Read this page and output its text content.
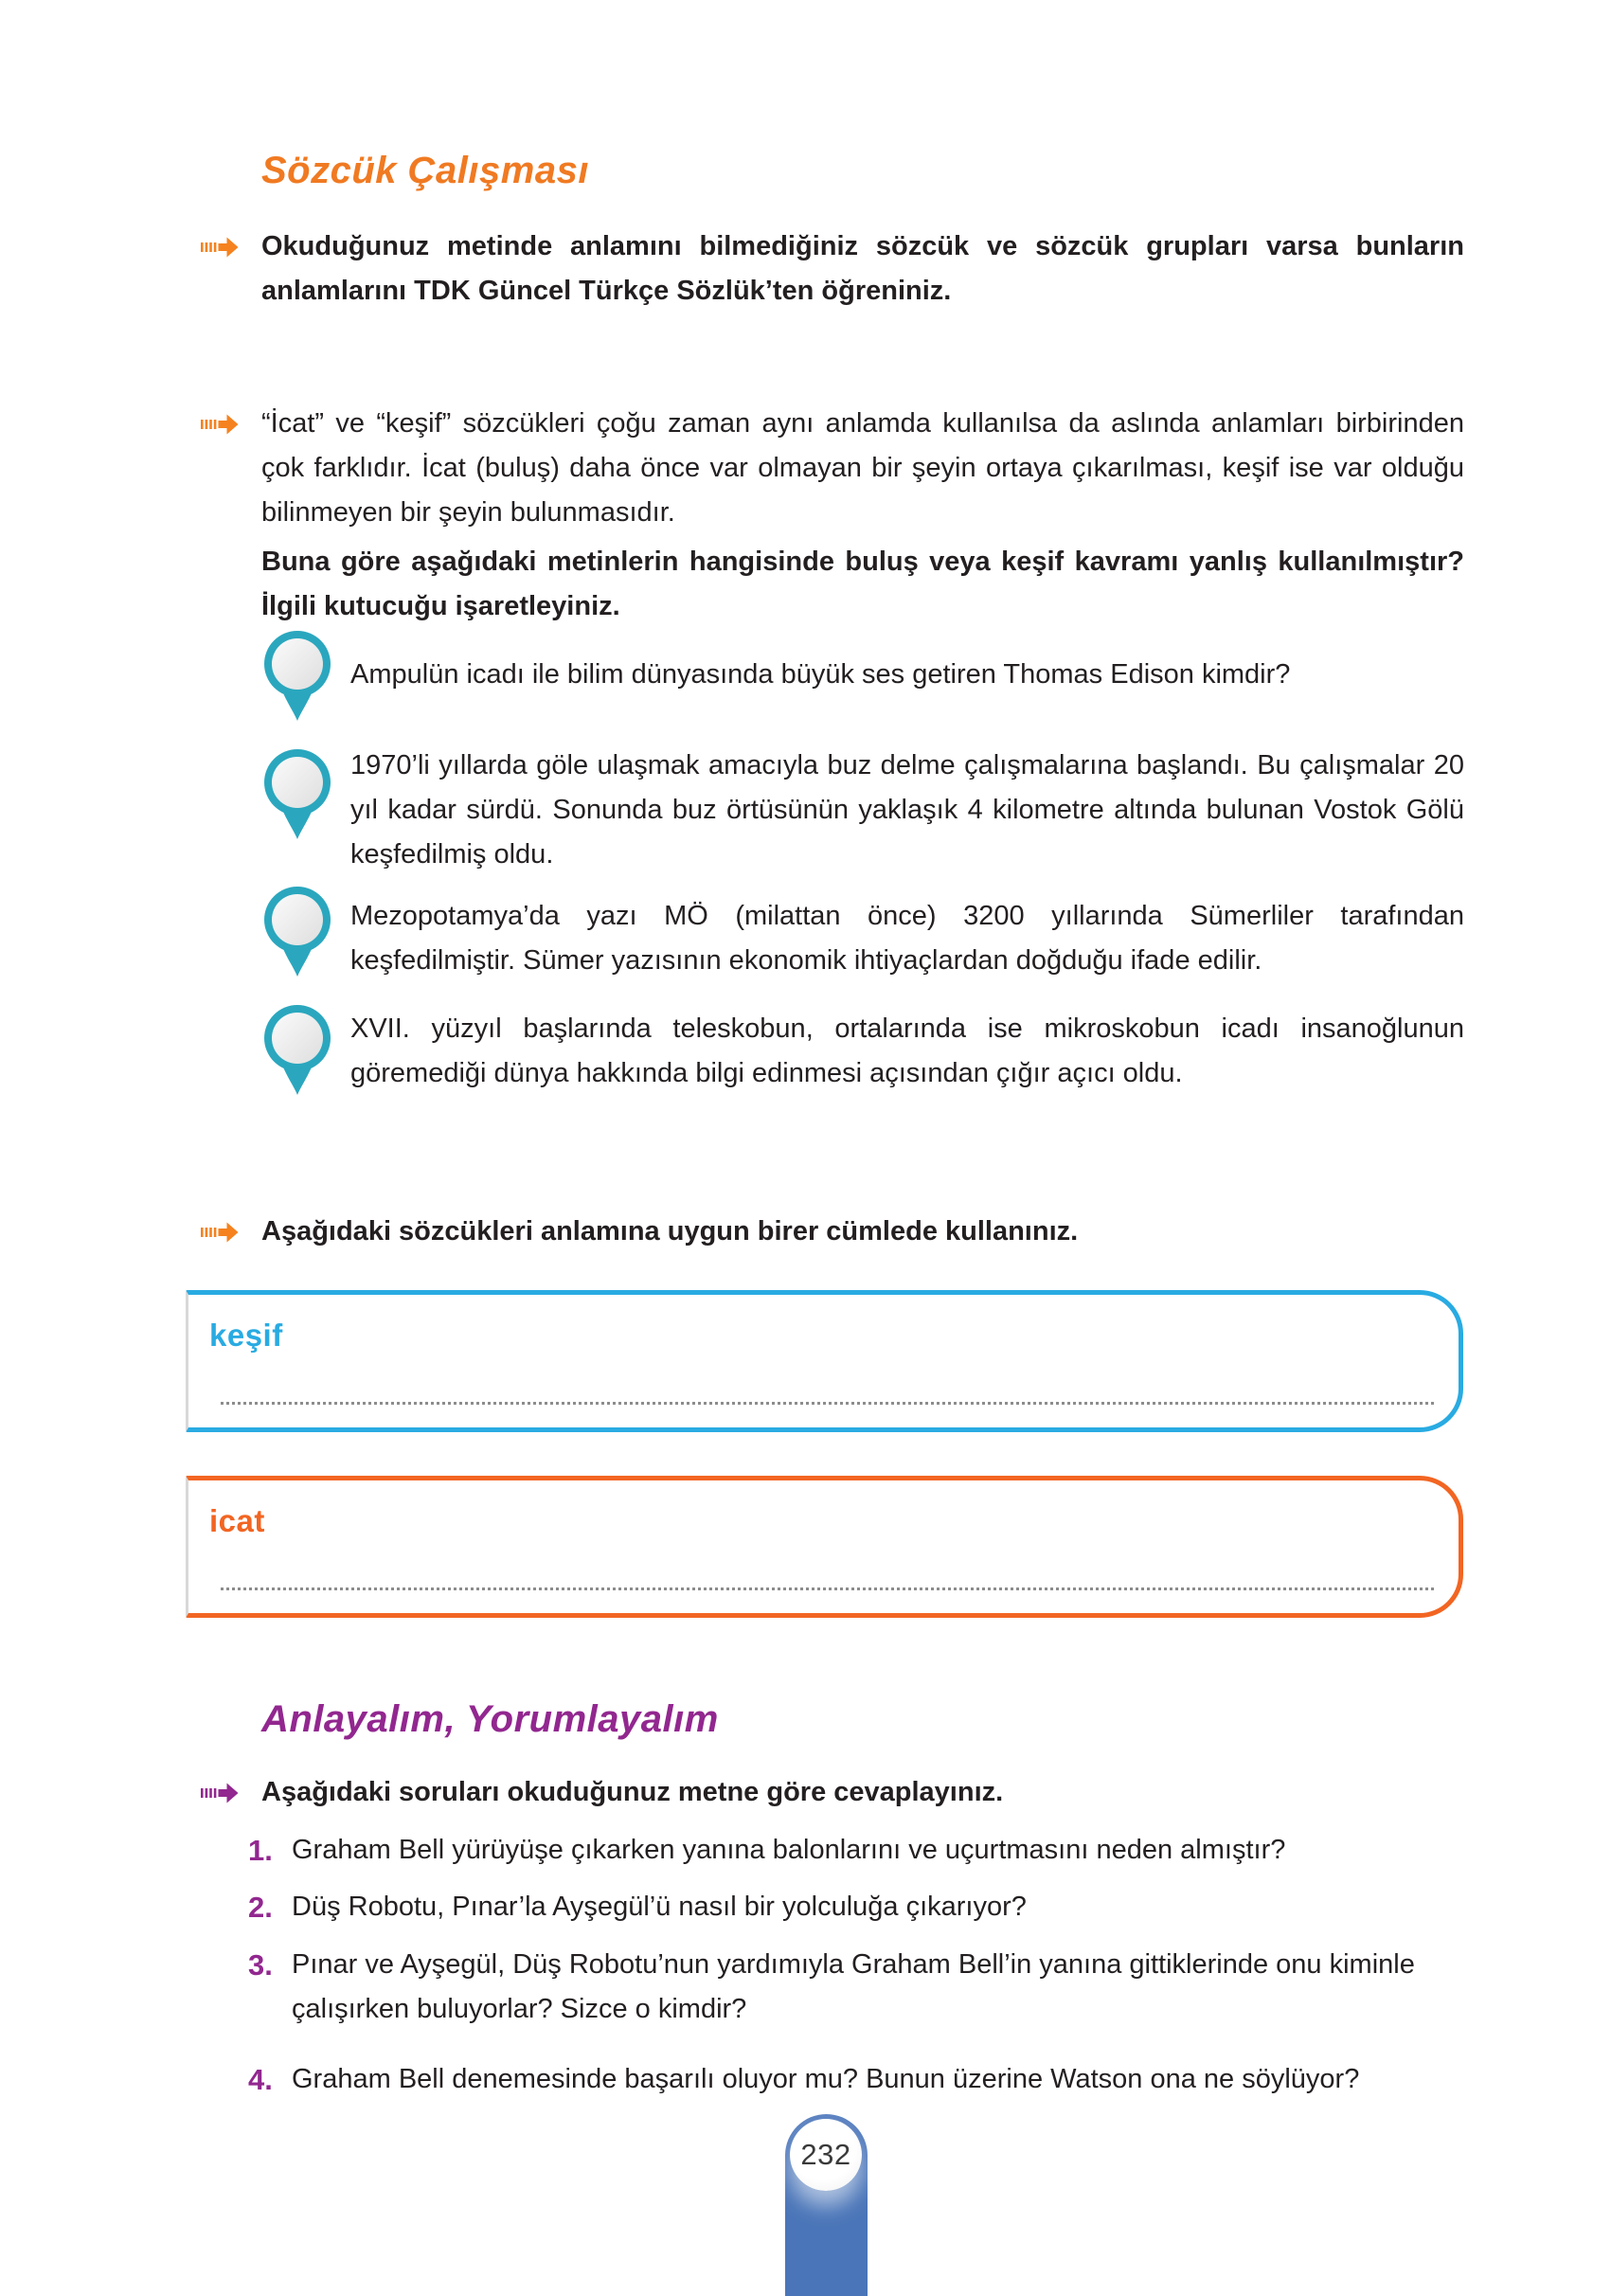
Sözcük Çalışması

Okuduğunuz metinde anlamını bilmediğiniz sözcük ve sözcük grupları varsa bunların anlamlarını TDK Güncel Türkçe Sözlük’ten öğreniniz.

“İcat” ve “keşif” sözcükleri çoğu zaman aynı anlamda kullanılsa da aslında anlamları birbirinden çok farklıdır. İcat (buluş) daha önce var olmayan bir şeyin ortaya çıkarılması, keşif ise var olduğu bilinmeyen bir şeyin bulunmasıdır.

Buna göre aşağıdaki metinlerin hangisinde buluş veya keşif kavramı yanlış kullanılmıştır? İlgili kutucuğu işaretleyiniz.

Ampulün icadı ile bilim dünyasında büyük ses getiren Thomas Edison kimdir?

1970’li yıllarda göle ulaşmak amacıyla buz delme çalışmalarına başlandı. Bu çalışmalar 20 yıl kadar sürdü. Sonunda buz örtüsünün yaklaşık 4 kilometre altında bulunan Vostok Gölü keşfedilmiş oldu.

Mezopotamya’da yazı MÖ (milattan önce) 3200 yıllarında Sümerliler tarafından keşfedilmiştir. Sümer yazısının ekonomik ihtiyaçlardan doğduğu ifade edilir.

XVII. yüzyıl başlarında teleskobun, ortalarında ise mikroskobun icadı insanoğlunun göremediği dünya hakkında bilgi edinmesi açısından çığır açıcı oldu.

Aşağıdaki sözcükleri anlamına uygun birer cümlede kullanınız.

keşif

icat

Anlayalım, Yorumlayalım

Aşağıdaki soruları okuduğunuz metne göre cevaplayınız.

1. Graham Bell yürüyüşe çıkarken yanına balonlarını ve uçurtmasını neden almıştır?

2. Düş Robotu, Pınar’la Ayşegül’ü nasıl bir yolculuğa çıkarıyor?

3. Pınar ve Ayşegül, Düş Robotu’nun yardımıyla Graham Bell’in yanına gittiklerinde onu kiminle çalışırken buluyorlar? Sizce o kimdir?

4. Graham Bell denemesinde başarılı oluyor mu? Bunun üzerine Watson ona ne söylüyor?

232
